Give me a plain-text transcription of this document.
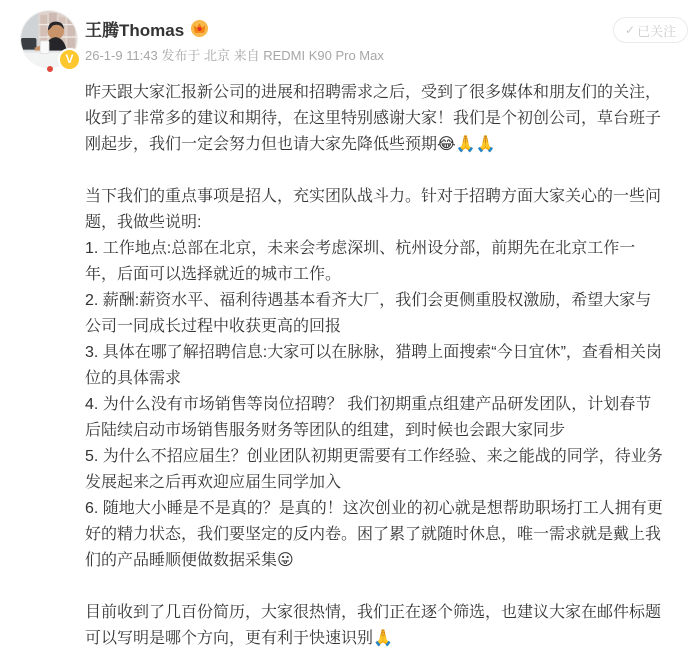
V
王腾Thomas
26-1-9 11:43 发布于 北京 来自 REDMI K90 Pro Max
✓ 已关注

昨天跟大家汇报新公司的进展和招聘需求之后，受到了很多媒体和朋友们的关注，收到了非常多的建议和期待，在这里特别感谢大家！我们是个初创公司，草台班子刚起步，我们一定会努力但也请大家先降低些预期😂🙏🙏

当下我们的重点事项是招人，充实团队战斗力。针对于招聘方面大家关心的一些问题，我做些说明:

1. 工作地点:总部在北京，未来会考虑深圳、杭州设分部，前期先在北京工作一年，后面可以选择就近的城市工作。

2. 薪酬:薪资水平、福利待遇基本看齐大厂，我们会更侧重股权激励，希望大家与公司一同成长过程中收获更高的回报

3. 具体在哪了解招聘信息:大家可以在脉脉，猎聘上面搜索“今日宜休”，查看相关岗位的具体需求

4. 为什么没有市场销售等岗位招聘？ 我们初期重点组建产品研发团队，计划春节后陆续启动市场销售服务财务等团队的组建，到时候也会跟大家同步

5. 为什么不招应届生？创业团队初期更需要有工作经验、来之能战的同学，待业务发展起来之后再欢迎应届生同学加入

6. 随地大小睡是不是真的？是真的！这次创业的初心就是想帮助职场打工人拥有更好的精力状态，我们要坚定的反内卷。困了累了就随时休息，唯一需求就是戴上我们的产品睡顺便做数据采集😛

目前收到了几百份简历，大家很热情，我们正在逐个筛选，也建议大家在邮件标题可以写明是哪个方向，更有利于快速识别🙏
